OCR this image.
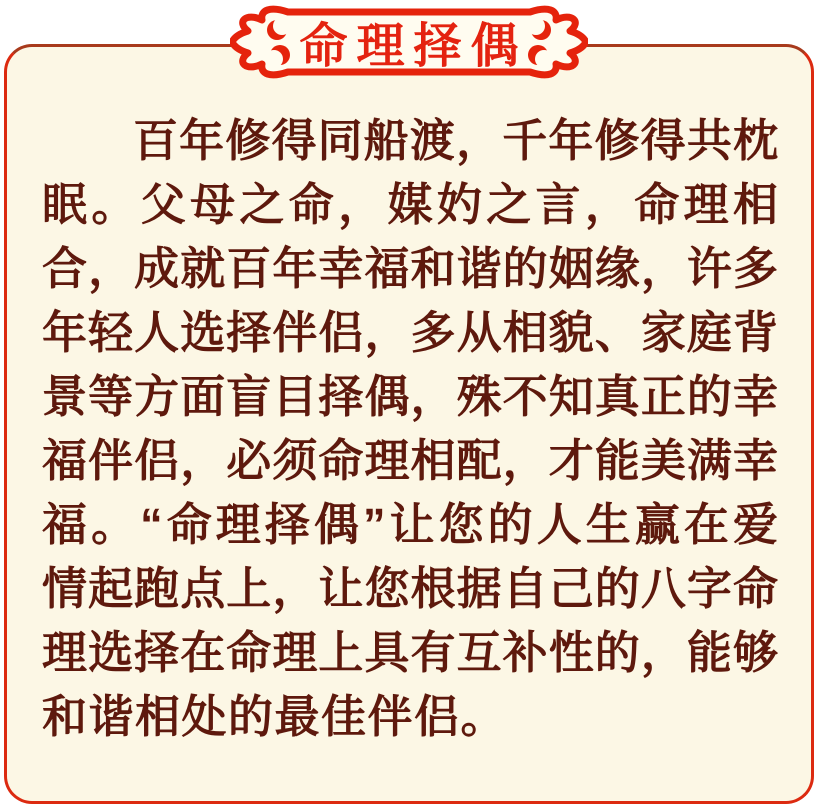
命理择偶
百年修得同船渡，千年修得共枕
眠。父母之命，媒妁之言，命理相
合，成就百年幸福和谐的姻缘，许多
年轻人选择伴侣，多从相貌、家庭背
景等方面盲目择偶，殊不知真正的幸
福伴侣，必须命理相配，才能美满幸
福。“命理择偶”让您的人生赢在爱
情起跑点上，让您根据自己的八字命
理选择在命理上具有互补性的，能够
和谐相处的最佳伴侣。
